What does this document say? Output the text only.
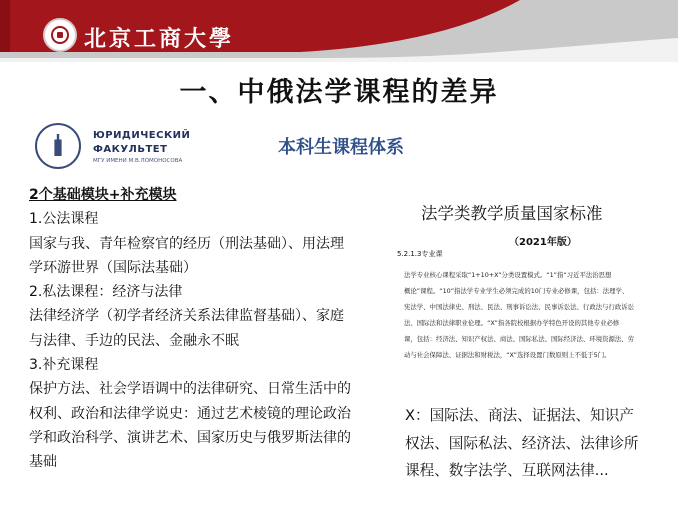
北京工商大學
一、中俄法学课程的差异
ЮРИДИЧЕСКИЙ
ФАКУЛЬТЕТ
МГУ ИМЕНИ М.В.ЛОМОНОСОВА
本科生课程体系
2个基础模块+补充模块
1.公法课程
国家与我、青年检察官的经历（刑法基础）、用法理
学环游世界（国际法基础）
2.私法课程：经济与法律
法律经济学（初学者经济关系法律监督基础）、家庭
与法律、手边的民法、金融永不眠
3.补充课程
保护方法、社会学语调中的法律研究、日常生活中的
权利、政治和法律学说史：通过艺术棱镜的理论政治
学和政治科学、演讲艺术、国家历史与俄罗斯法律的
基础
法学类教学质量国家标准
（2021年版）
5.2.1.3专业课
法学专业核心课程采取“1+10+X”分类设置模式。“1”指“习近平法治思想
概论”课程。“10”指法学专业学生必须完成的10门专业必修课，包括：法理学、
宪法学、中国法律史、刑法、民法、刑事诉讼法、民事诉讼法、行政法与行政诉讼
法、国际法和法律职业伦理。“X”指各院校根据办学特色开设的其他专业必修
课，包括：经济法、知识产权法、商法、国际私法、国际经济法、环境资源法、劳
动与社会保障法、证据法和财税法，“X”选择设置门数原则上不低于5门。
X：国际法、商法、证据法、知识产
权法、国际私法、经济法、法律诊所
课程、数字法学、互联网法律...
